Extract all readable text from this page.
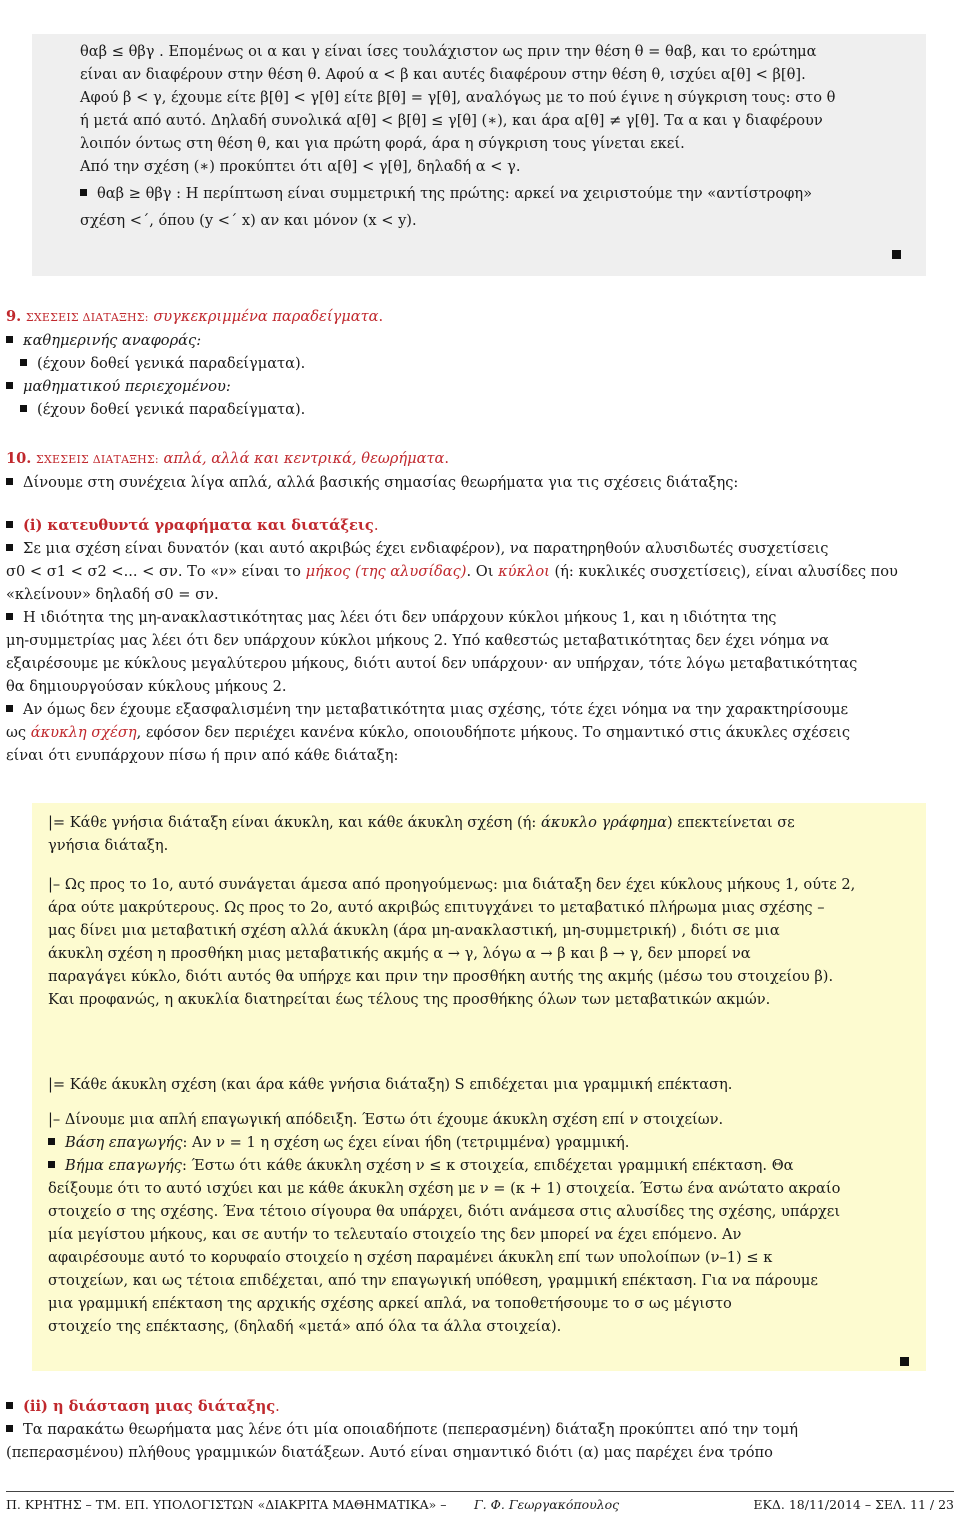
θαβ ≤ θβγ . Επομένως οι α και γ είναι ίσες τουλάχιστον ως πριν την θέση θ = θαβ, και το ερώτημα

είναι αν διαφέρουν στην θέση θ. Αφού α < β και αυτές διαφέρουν στην θέση θ, ισχύει α[θ] < β[θ].

Αφού β < γ, έχουμε είτε β[θ] < γ[θ] είτε β[θ] = γ[θ], αναλόγως με το πού έγινε η σύγκριση τους: στο θ

ή μετά από αυτό. Δηλαδή συνολικά α[θ] < β[θ] ≤ γ[θ] (∗), και άρα α[θ] ≠ γ[θ]. Τα α και γ διαφέρουν

λοιπόν όντως στη θέση θ, και για πρώτη φορά, άρα η σύγκριση τους γίνεται εκεί.

Από την σχέση (∗) προκύπτει ότι α[θ] < γ[θ], δηλαδή α < γ.

θαβ ≥ θβγ : Η περίπτωση είναι συμμετρική της πρώτης: αρκεί να χειριστούμε την «αντίστροφη»

σχέση <΄, όπου (y <΄ x) αν και μόνον (x < y).

9. ΣΧΕΣΕΙΣ ΔΙΑΤΑΞΗΣ: συγκεκριμμένα παραδείγματα.

καθημερινής αναφοράς:

(έχουν δοθεί γενικά παραδείγματα).

μαθηματικού περιεχομένου:

(έχουν δοθεί γενικά παραδείγματα).

10. ΣΧΕΣΕΙΣ ΔΙΑΤΑΞΗΣ: απλά, αλλά και κεντρικά, θεωρήματα.

Δίνουμε στη συνέχεια λίγα απλά, αλλά βασικής σημασίας θεωρήματα για τις σχέσεις διάταξης:

(i) κατευθυντά γραφήματα και διατάξεις.

Σε μια σχέση είναι δυνατόν (και αυτό ακριβώς έχει ενδιαφέρον), να παρατηρηθούν αλυσιδωτές συσχετίσεις

σ0 < σ1 < σ2 <... < σν. Το «ν» είναι το μήκος (της αλυσίδας). Οι κύκλοι (ή: κυκλικές συσχετίσεις), είναι αλυσίδες που

«κλείνουν» δηλαδή σ0 = σν.

Η ιδιότητα της μη-ανακλαστικότητας μας λέει ότι δεν υπάρχουν κύκλοι μήκους 1, και η ιδιότητα της

μη-συμμετρίας μας λέει ότι δεν υπάρχουν κύκλοι μήκους 2. Υπό καθεστώς μεταβατικότητας δεν έχει νόημα να

εξαιρέσουμε με κύκλους μεγαλύτερου μήκους, διότι αυτοί δεν υπάρχουν· αν υπήρχαν, τότε λόγω μεταβατικότητας

θα δημιουργούσαν κύκλους μήκους 2.

Αν όμως δεν έχουμε εξασφαλισμένη την μεταβατικότητα μιας σχέσης, τότε έχει νόημα να την χαρακτηρίσουμε

ως άκυκλη σχέση, εφόσον δεν περιέχει κανένα κύκλο, οποιουδήποτε μήκους. Το σημαντικό στις άκυκλες σχέσεις

είναι ότι ενυπάρχουν πίσω ή πριν από κάθε διάταξη:

|= Κάθε γνήσια διάταξη είναι άκυκλη, και κάθε άκυκλη σχέση (ή: άκυκλο γράφημα) επεκτείνεται σε

γνήσια διάταξη.

|– Ως προς το 1ο, αυτό συνάγεται άμεσα από προηγούμενως: μια διάταξη δεν έχει κύκλους μήκους 1, ούτε 2,

άρα ούτε μακρύτερους. Ως προς το 2ο, αυτό ακριβώς επιτυγχάνει το μεταβατικό πλήρωμα μιας σχέσης –

μας δίνει μια μεταβατική σχέση αλλά άκυκλη (άρα μη-ανακλαστική, μη-συμμετρική) , διότι σε μια

άκυκλη σχέση η προσθήκη μιας μεταβατικής ακμής α → γ, λόγω α → β και β → γ, δεν μπορεί να

παραγάγει κύκλο, διότι αυτός θα υπήρχε και πριν την προσθήκη αυτής της ακμής (μέσω του στοιχείου β).

Και προφανώς, η ακυκλία διατηρείται έως τέλους της προσθήκης όλων των μεταβατικών ακμών.

|= Κάθε άκυκλη σχέση (και άρα κάθε γνήσια διάταξη) S επιδέχεται μια γραμμική επέκταση.

|– Δίνουμε μια απλή επαγωγική απόδειξη. Έστω ότι έχουμε άκυκλη σχέση επί ν στοιχείων.

Βάση επαγωγής: Αν ν = 1 η σχέση ως έχει είναι ήδη (τετριμμένα) γραμμική.

Βήμα επαγωγής: Έστω ότι κάθε άκυκλη σχέση ν ≤ κ στοιχεία, επιδέχεται γραμμική επέκταση. Θα

δείξουμε ότι το αυτό ισχύει και με κάθε άκυκλη σχέση με ν = (κ + 1) στοιχεία. Έστω ένα ανώτατο ακραίο

στοιχείο σ της σχέσης. Ένα τέτοιο σίγουρα θα υπάρχει, διότι ανάμεσα στις αλυσίδες της σχέσης, υπάρχει

μία μεγίστου μήκους, και σε αυτήν το τελευταίο στοιχείο της δεν μπορεί να έχει επόμενο. Αν

αφαιρέσουμε αυτό το κορυφαίο στοιχείο η σχέση παραμένει άκυκλη επί των υπολοίπων (ν–1) ≤ κ

στοιχείων, και ως τέτοια επιδέχεται, από την επαγωγική υπόθεση, γραμμική επέκταση. Για να πάρουμε

μια γραμμική επέκταση της αρχικής σχέσης αρκεί απλά, να τοποθετήσουμε το σ ως μέγιστο

στοιχείο της επέκτασης, (δηλαδή «μετά» από όλα τα άλλα στοιχεία).

(ii) η διάσταση μιας διάταξης.

Τα παρακάτω θεωρήματα μας λένε ότι μία οποιαδήποτε (πεπερασμένη) διάταξη προκύπτει από την τομή

(πεπερασμένου) πλήθους γραμμικών διατάξεων. Αυτό είναι σημαντικό διότι (α) μας παρέχει ένα τρόπο

Π. ΚΡΗΤΗΣ – ΤΜ. ΕΠ. ΥΠΟΛΟΓΙΣΤΩΝ «ΔΙΑΚΡΙΤΑ ΜΑΘΗΜΑΤΙΚΑ» – Γ. Φ. Γεωργακόπουλος	ΕΚΔ. 18/11/2014 – ΣΕΛ. 11 / 23
